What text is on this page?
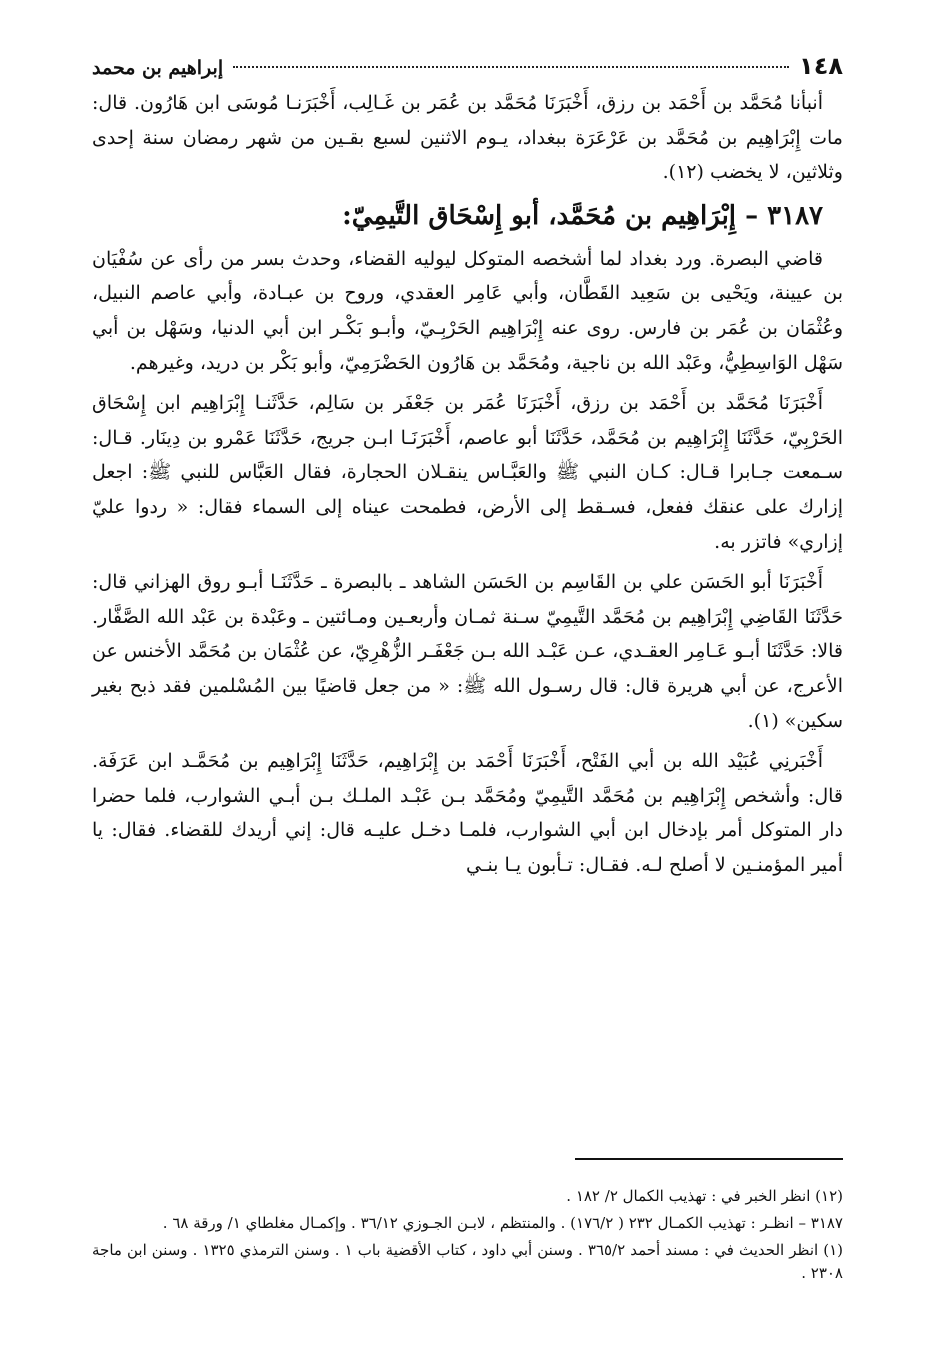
١٤٨
إبراهيم بن محمد

أنبأنا مُحَمَّد بن أَحْمَد بن رزق، أَخْبَرَنَا مُحَمَّد بن عُمَر بن غَـالِب، أَخْبَرَنـا مُوسَى ابن هَارُون. قال: مات إِبْرَاهِيم بن مُحَمَّد بن عَرْعَرَة ببغداد، يـوم الاثنين لسبع بقـين من شهر رمضان سنة إحدى وثلاثين، لا يخضب (١٢).

٣١٨٧ – إِبْرَاهِيم بن مُحَمَّد، أبو إِسْحَاق التَّيمِيّ:

قاضي البصرة. ورد بغداد لما أشخصه المتوكل ليوليه القضاء، وحدث بسر من رأى عن سُفْيَان بن عيينة، ويَحْيى بن سَعِيد القَطَّان، وأبي عَامِر العقدي، وروح بن عبـادة، وأبي عاصم النبيل، وعُثْمَان بن عُمَر بن فارس. روى عنه إِبْرَاهِيم الحَرْبِـيّ، وأبـو بَكْـر ابن أبي الدنيا، وسَهْل بن أبي سَهْل الوَاسِطِيُّ، وعَبْد الله بن ناجية، ومُحَمَّد بن هَارُون الحَضْرَمِيّ، وأبو بَكْر بن دريد، وغيرهم.

أَخْبَرَنَا مُحَمَّد بن أَحْمَد بن رزق، أَخْبَرَنَا عُمَر بن جَعْفَر بن سَالِم، حَدَّثَنـا إِبْرَاهِيم ابن إِسْحَاق الحَرْبِيّ، حَدَّثَنَا إِبْرَاهِيم بن مُحَمَّد، حَدَّثَنَا أبو عاصم، أَخْبَرَنَـا ابـن جريج، حَدَّثَنَا عَمْرو بن دِينَار. قـال: سـمعت جـابرا قـال: كـان النبي ﷺ والعَبَّـاس ينقـلان الحجارة، فقال العَبَّاس للنبي ﷺ: اجعل إزارك على عنقك ففعل، فسـقط إلى الأرض، فطمحت عيناه إلى السماء فقال: « ردوا عليّ إزاري» فاتزر به.

أَخْبَرَنَا أبو الحَسَن علي بن القَاسِم بن الحَسَن الشاهد ـ بالبصرة ـ حَدَّثَنَـا أبـو روق الهزاني قال: حَدَّثَنَا القَاضِي إِبْرَاهِيم بن مُحَمَّد التَّيمِيّ سـنة ثمـان وأربعـين ومـائتين ـ وعَبْدة بن عَبْد الله الصَّفَّار. قالا: حَدَّثَنَا أبـو عَـامِر العقـدي، عـن عَبْـد الله بـن جَعْفَـر الزُّهْرِيّ، عن عُثْمَان بن مُحَمَّد الأخنس عن الأعرج، عن أبي هريرة قال: قال رسـول الله ﷺ: « من جعل قاضيًا بين المُسْلمين فقد ذبح بغير سكين» (١).

أَخْبَرنِي عُبَيْد الله بن أبي الفَتْح، أَخْبَرَنَا أَحْمَد بن إِبْرَاهِيم، حَدَّثَنَا إِبْرَاهِيم بن مُحَمَّـد ابن عَرَفَة. قال: وأشخص إِبْرَاهِيم بن مُحَمَّد التَّيمِيّ ومُحَمَّد بـن عَبْـد الملـك بـن أبـي الشوارب، فلما حضرا دار المتوكل أمر بإدخال ابن أبي الشوارب، فلمـا دخـل عليـه قال: إني أريدك للقضاء. فقال: يا أمير المؤمنـين لا أصلح لـه. فقـال: تـأبون يـا بنـي

(١٢) انظر الخبر في : تهذيب الكمال ٢/ ١٨٢ .

٣١٨٧ – انظـر : تهذيب الكمـال ٢٣٢ ( ١٧٦/٢) . والمنتظم ، لابـن الجـوزي ٣٦/١٢ . وإكمـال مغلطاي ١/ ورقة ٦٨ .

(١) انظر الحديث في : مسند أحمد ٣٦٥/٢ . وسنن أبي داود ، كتاب الأقضية باب ١ . وسنن الترمذي ١٣٢٥ . وسنن ابن ماجة ٢٣٠٨ .
